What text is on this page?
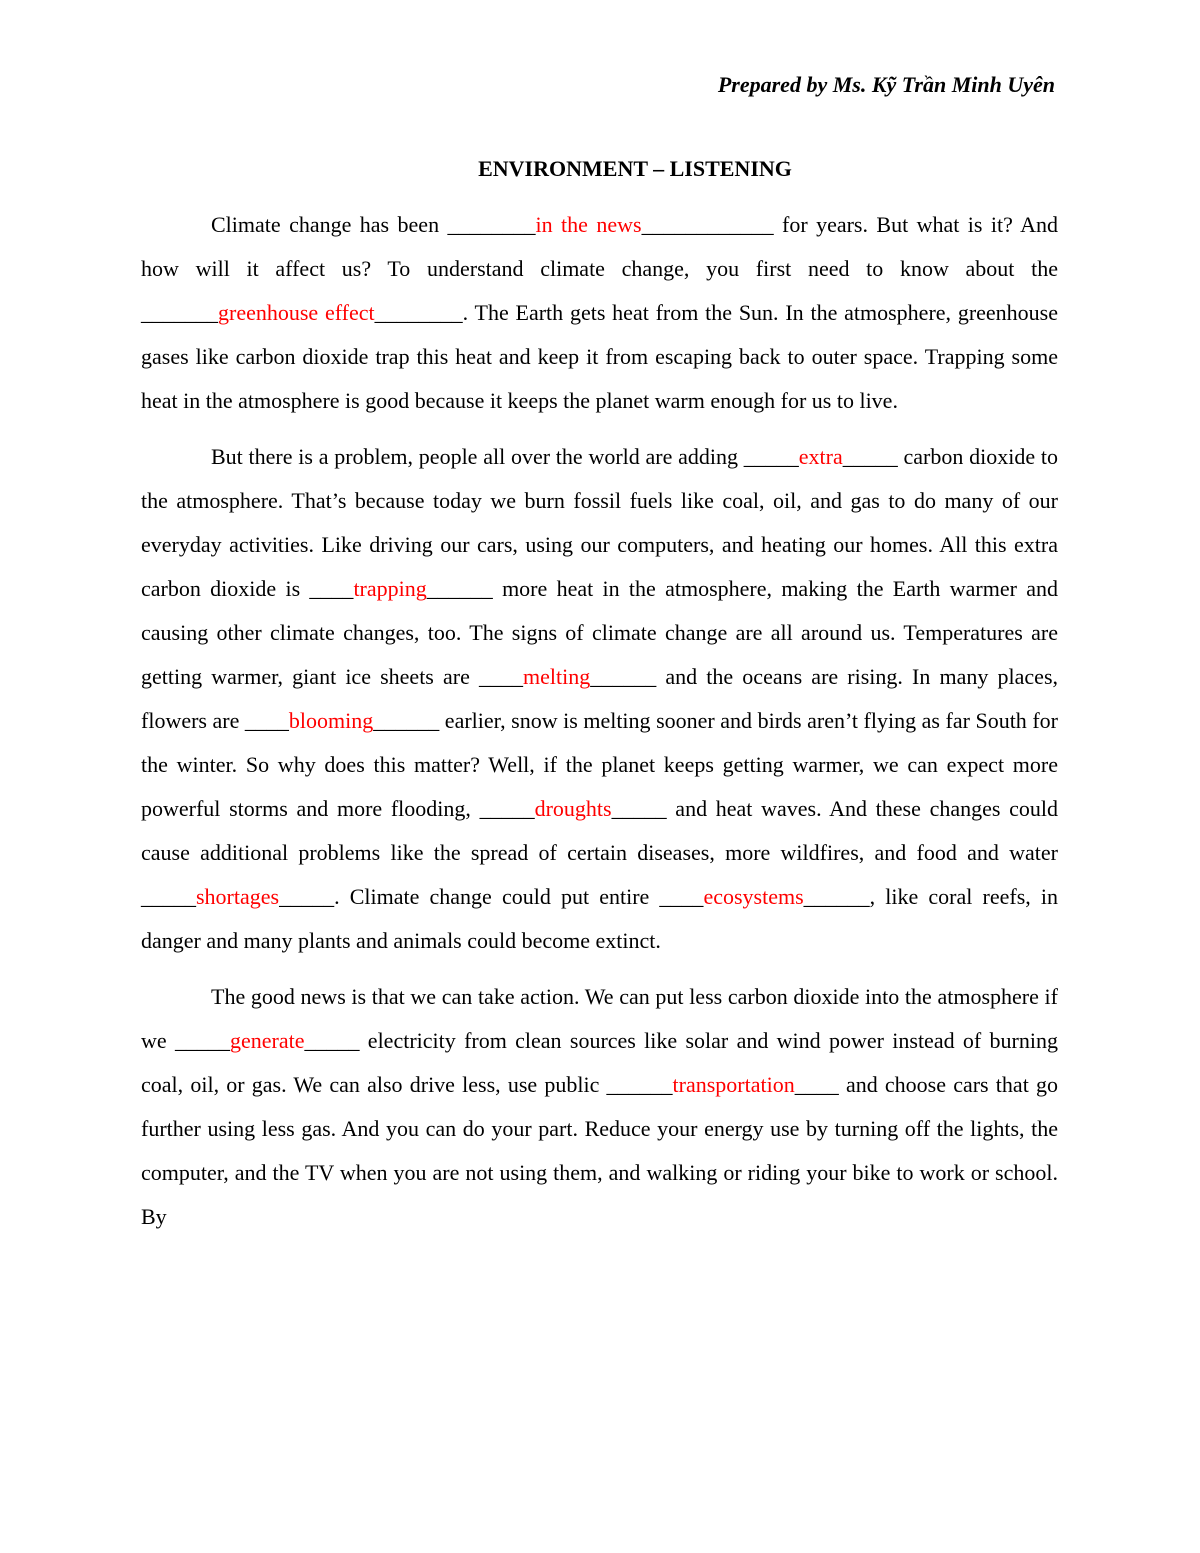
Prepared by Ms. Kỹ Trần Minh Uyên
ENVIRONMENT – LISTENING

Climate change has been ________in the news____________ for years. But what is it? And how will it affect us? To understand climate change, you first need to know about the _______greenhouse effect________. The Earth gets heat from the Sun. In the atmosphere, greenhouse gases like carbon dioxide trap this heat and keep it from escaping back to outer space. Trapping some heat in the atmosphere is good because it keeps the planet warm enough for us to live.

But there is a problem, people all over the world are adding _____extra_____ carbon dioxide to the atmosphere. That’s because today we burn fossil fuels like coal, oil, and gas to do many of our everyday activities. Like driving our cars, using our computers, and heating our homes. All this extra carbon dioxide is ____trapping______ more heat in the atmosphere, making the Earth warmer and causing other climate changes, too. The signs of climate change are all around us. Temperatures are getting warmer, giant ice sheets are ____melting______ and the oceans are rising. In many places, flowers are ____blooming______ earlier, snow is melting sooner and birds aren’t flying as far South for the winter. So why does this matter? Well, if the planet keeps getting warmer, we can expect more powerful storms and more flooding, _____droughts_____ and heat waves. And these changes could cause additional problems like the spread of certain diseases, more wildfires, and food and water _____shortages_____. Climate change could put entire ____ecosystems______, like coral reefs, in danger and many plants and animals could become extinct.

The good news is that we can take action. We can put less carbon dioxide into the atmosphere if we _____generate_____ electricity from clean sources like solar and wind power instead of burning coal, oil, or gas. We can also drive less, use public ______transportation____ and choose cars that go further using less gas. And you can do your part. Reduce your energy use by turning off the lights, the computer, and the TV when you are not using them, and walking or riding your bike to work or school. By
